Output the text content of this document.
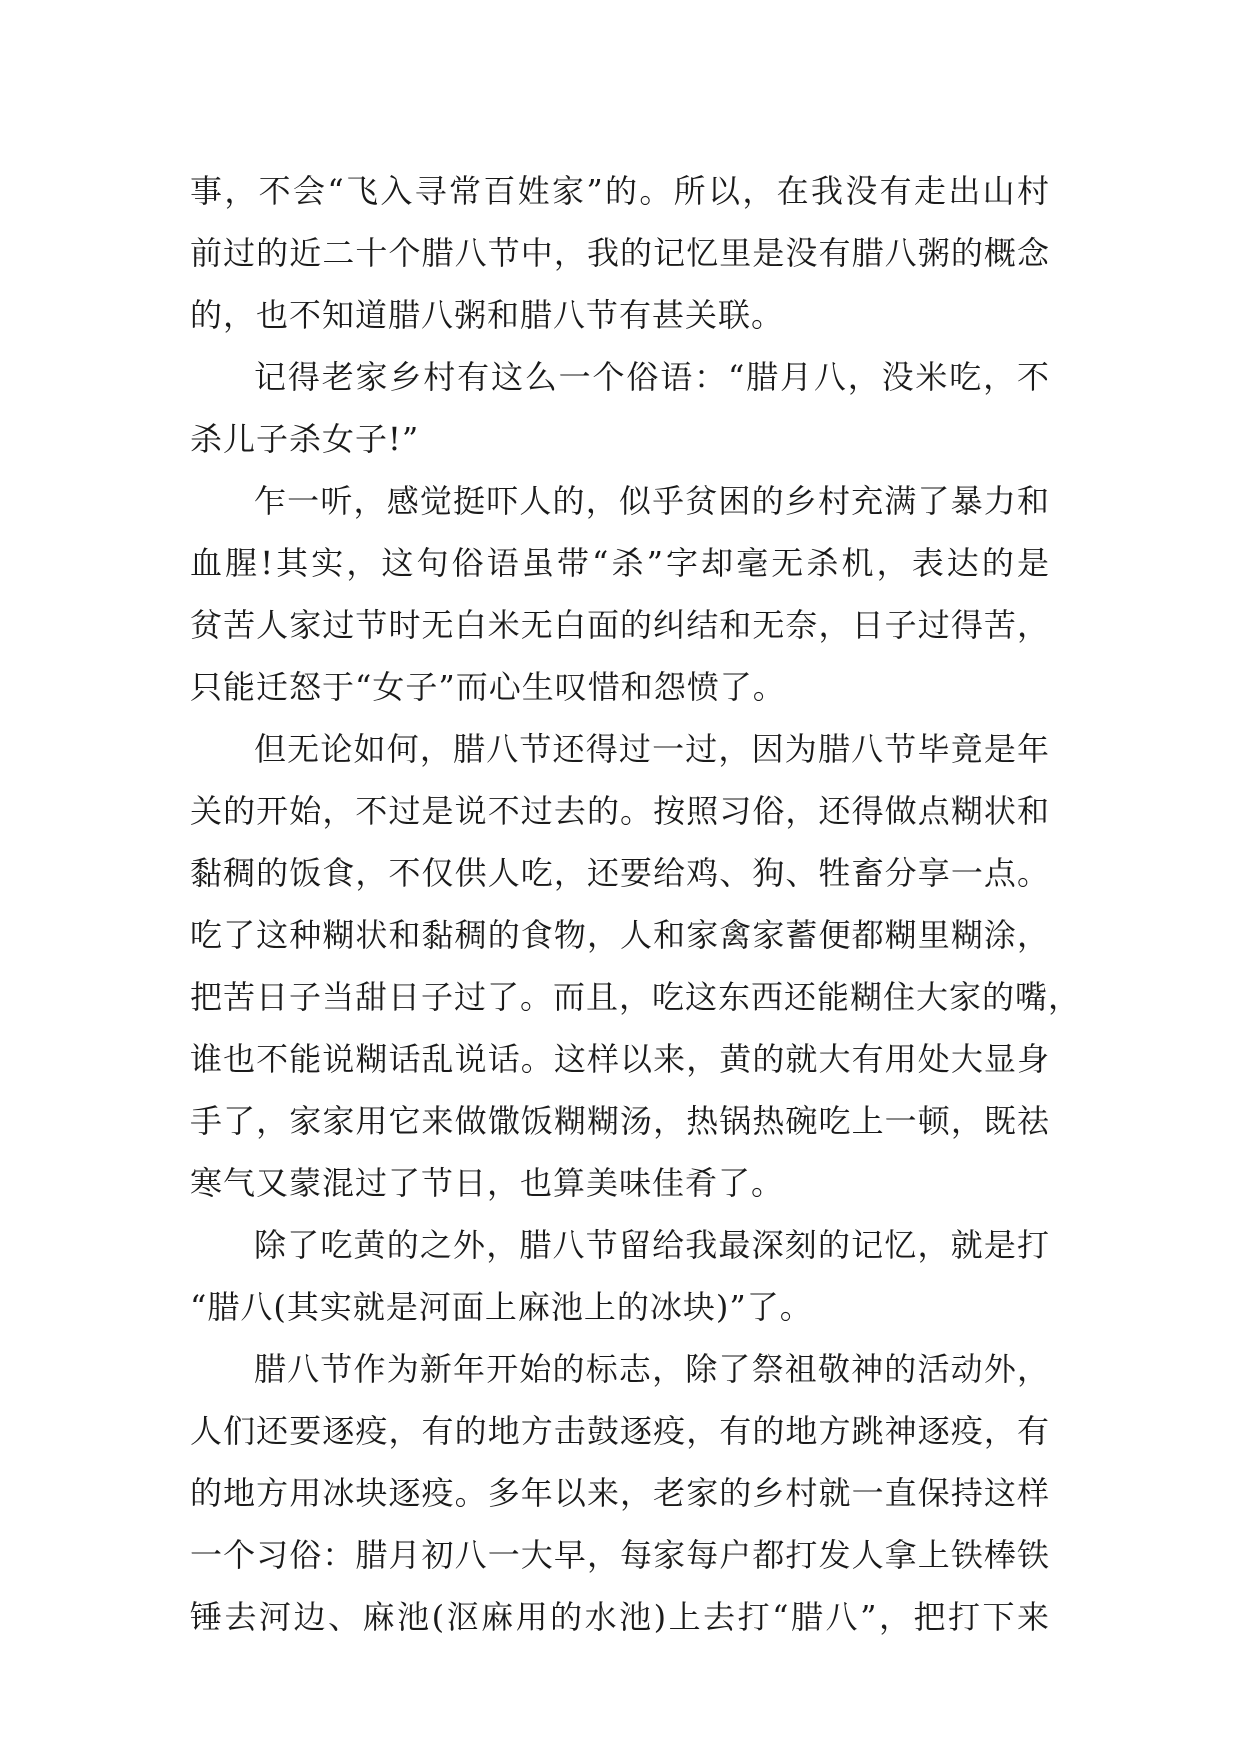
事，不会“飞入寻常百姓家”的。所以，在我没有走出山村
前过的近二十个腊八节中，我的记忆里是没有腊八粥的概念
的，也不知道腊八粥和腊八节有甚关联。
记得老家乡村有这么一个俗语：“腊月八，没米吃，不
杀儿子杀女子!”
乍一听，感觉挺吓人的，似乎贫困的乡村充满了暴力和
血腥!其实，这句俗语虽带“杀”字却毫无杀机，表达的是
贫苦人家过节时无白米无白面的纠结和无奈，日子过得苦，
只能迁怒于“女子”而心生叹惜和怨愤了。
但无论如何，腊八节还得过一过，因为腊八节毕竟是年
关的开始，不过是说不过去的。按照习俗，还得做点糊状和
黏稠的饭食，不仅供人吃，还要给鸡、狗、牲畜分享一点。
吃了这种糊状和黏稠的食物，人和家禽家蓄便都糊里糊涂，
把苦日子当甜日子过了。而且，吃这东西还能糊住大家的嘴，
谁也不能说糊话乱说话。这样以来，黄的就大有用处大显身
手了，家家用它来做馓饭糊糊汤，热锅热碗吃上一顿，既祛
寒气又蒙混过了节日，也算美味佳肴了。
除了吃黄的之外，腊八节留给我最深刻的记忆，就是打
“腊八(其实就是河面上麻池上的冰块)”了。
腊八节作为新年开始的标志，除了祭祖敬神的活动外，
人们还要逐疫，有的地方击鼓逐疫，有的地方跳神逐疫，有
的地方用冰块逐疫。多年以来，老家的乡村就一直保持这样
一个习俗：腊月初八一大早，每家每户都打发人拿上铁棒铁
锤去河边、麻池(沤麻用的水池)上去打“腊八”，把打下来
